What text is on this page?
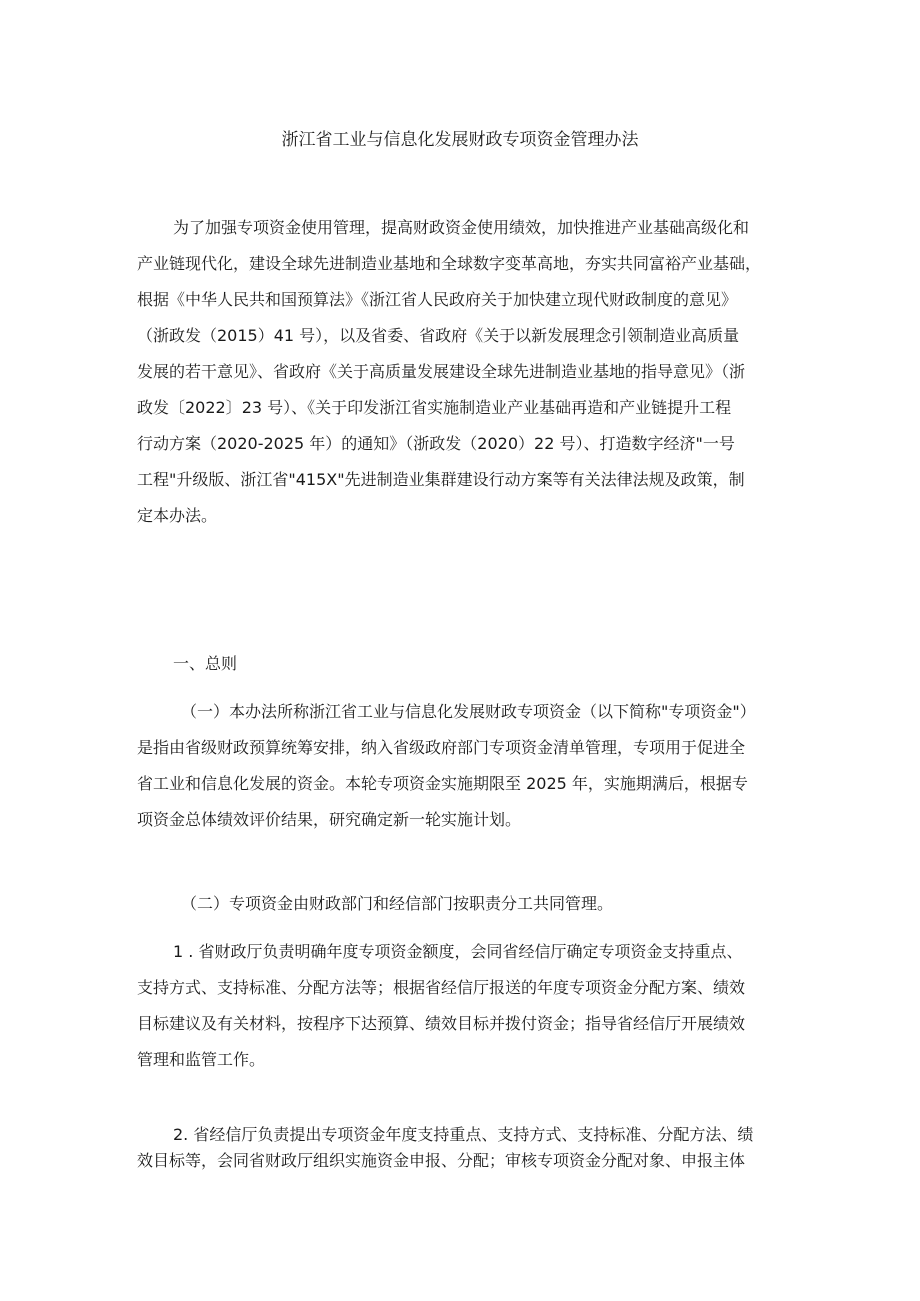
浙江省工业与信息化发展财政专项资金管理办法
为了加强专项资金使用管理，提高财政资金使用绩效，加快推进产业基础高级化和
产业链现代化，建设全球先进制造业基地和全球数字变革高地，夯实共同富裕产业基础，
根据《中华人民共和国预算法》《浙江省人民政府关于加快建立现代财政制度的意见》
（浙政发（2015）41 号），以及省委、省政府《关于以新发展理念引领制造业高质量
发展的若干意见》、省政府《关于高质量发展建设全球先进制造业基地的指导意见》（浙
政发〔2022〕23 号）、《关于印发浙江省实施制造业产业基础再造和产业链提升工程
行动方案（2020-2025 年）的通知》（浙政发（2020）22 号）、打造数字经济"一号
工程"升级版、浙江省"415X"先进制造业集群建设行动方案等有关法律法规及政策，制
定本办法。
一、总则
（一）本办法所称浙江省工业与信息化发展财政专项资金（以下简称"专项资金"）
是指由省级财政预算统筹安排，纳入省级政府部门专项资金清单管理，专项用于促进全
省工业和信息化发展的资金。本轮专项资金实施期限至 2025 年，实施期满后，根据专
项资金总体绩效评价结果，研究确定新一轮实施计划。
（二）专项资金由财政部门和经信部门按职责分工共同管理。
1 . 省财政厅负责明确年度专项资金额度，会同省经信厅确定专项资金支持重点、
支持方式、支持标准、分配方法等；根据省经信厅报送的年度专项资金分配方案、绩效
目标建议及有关材料，按程序下达预算、绩效目标并拨付资金；指导省经信厅开展绩效
管理和监管工作。
2. 省经信厅负责提出专项资金年度支持重点、支持方式、支持标准、分配方法、绩
效目标等，会同省财政厅组织实施资金申报、分配；审核专项资金分配对象、申报主体
